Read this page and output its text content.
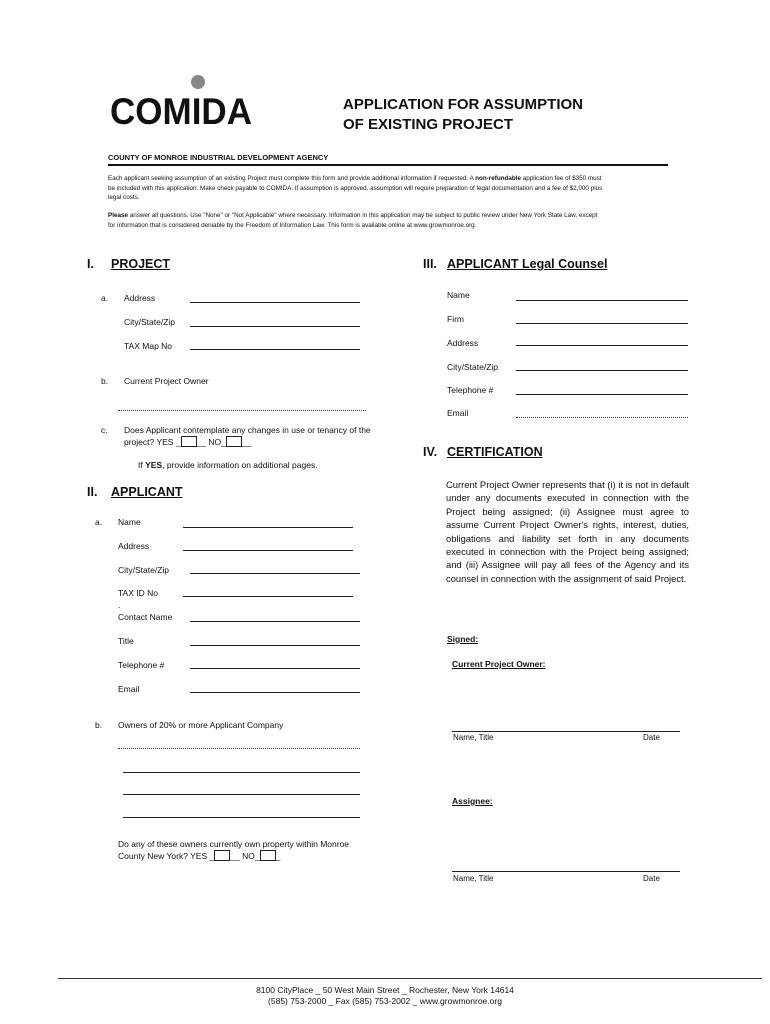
COMIDA	APPLICATION FOR ASSUMPTION
OF EXISTING PROJECT
COUNTY OF MONROE INDUSTRIAL DEVELOPMENT AGENCY
Each applicant seeking assumption of an existing Project must complete this form and provide additional information if requested. A non-refundable application fee of $350 must
be included with this application. Make check payable to COMIDA. If assumption is approved, assumption will require preparation of legal documentation and a fee of $2,000 plus
legal costs.
Please answer all questions. Use "None" or "Not Applicable" where necessary. Information in this application may be subject to public review under New York State Law, except
for information that is considered deniable by the Freedom of Information Law. This form is available online at www.growmonroe.org.
I. PROJECT
a. Address
City/State/Zip
TAX Map No
b. Current Project Owner
c. Does Applicant contemplate any changes in use or tenancy of the
project? YES _ __ NO_ __
If YES, provide information on additional pages.
II. APPLICANT
a. Name
Address
City/State/Zip
TAX ID No
.
Contact Name
Title
Telephone #
Email
b. Owners of 20% or more Applicant Company
Do any of these owners currently own property within Monroe
County New York? YES _ __ NO_ _
III. APPLICANT Legal Counsel
Name
Firm
Address
City/State/Zip
Telephone #
Email
IV. CERTIFICATION
Current Project Owner represents that (i) it is not in default under any documents executed in connection with the Project being assigned; (ii) Assignee must agree to assume Current Project Owner's rights, interest, duties, obligations and liability set forth in any documents executed in connection with the Project being assigned; and (iii) Assignee will pay all fees of the Agency and its counsel in connection with the assignment of said Project.
Signed:
Current Project Owner:
Name, Title	Date
Assignee:
Name, Title	Date
8100 CityPlace _ 50 West Main Street _ Rochester, New York 14614
(585) 753-2000 _ Fax (585) 753-2002 _ www.growmonroe.org
